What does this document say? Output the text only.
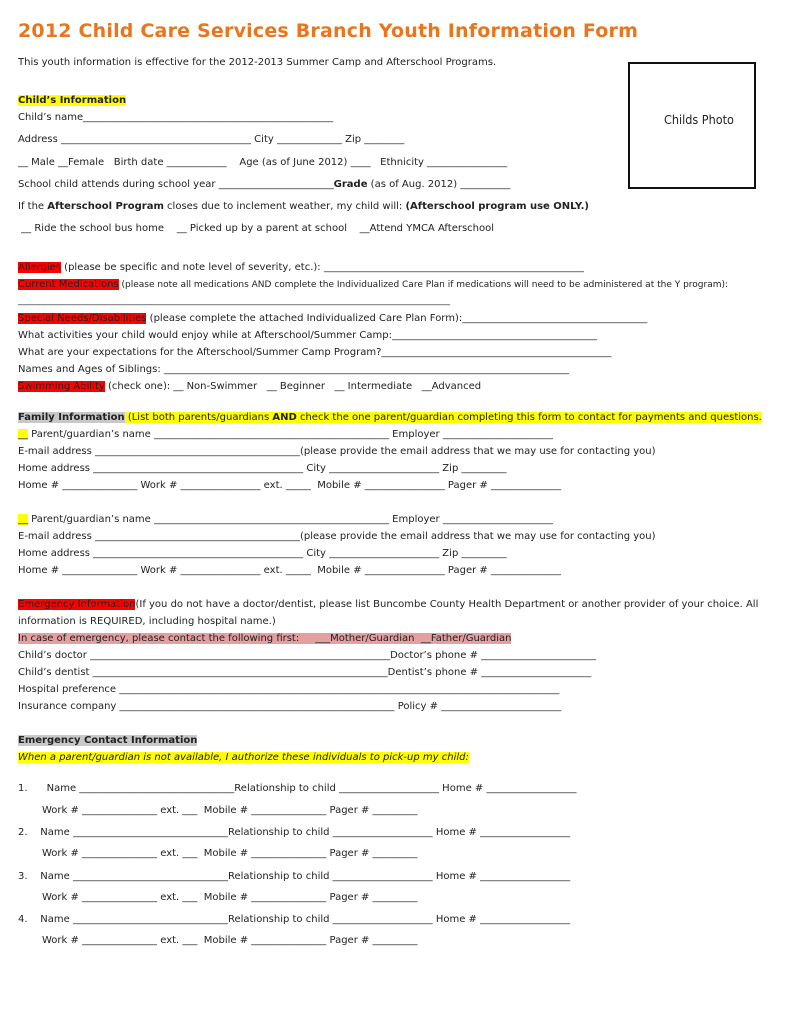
2012 Child Care Services Branch Youth Information Form
This youth information is effective for the 2012-2013 Summer Camp and Afterschool Programs.
Childs Photo
Child’s Information
Child’s name__________________________________________________
Address ______________________________________ City _____________ Zip ________
__ Male __Female   Birth date ____________    Age (as of June 2012) ____   Ethnicity ________________
School child attends during school year _______________________Grade (as of Aug. 2012) __________
If the Afterschool Program closes due to inclement weather, my child will: (Afterschool program use ONLY.)
__ Ride the school bus home    __ Picked up by a parent at school    __Attend YMCA Afterschool
Allergies (please be specific and note level of severity, etc.): ____________________________________________________
Current Medications (please note all medications AND complete the Individualized Care Plan if medications will need to be administered at the Y program):
________________________________________________________________________________________________
Special Needs/Disabilities (please complete the attached Individualized Care Plan Form):_____________________________________
What activities your child would enjoy while at Afterschool/Summer Camp:_________________________________________
What are your expectations for the Afterschool/Summer Camp Program?______________________________________________
Names and Ages of Siblings: _________________________________________________________________________________
Swimming Ability (check one): __ Non-Swimmer   __ Beginner   __ Intermediate   __Advanced
Family Information (List both parents/guardians AND check the one parent/guardian completing this form to contact for payments and questions.
__ Parent/guardian’s name _______________________________________________ Employer ______________________
E-mail address _________________________________________(please provide the email address that we may use for contacting you)
Home address __________________________________________ City ______________________ Zip _________
Home # _______________ Work # ________________ ext. _____  Mobile # ________________ Pager # ______________
__ Parent/guardian’s name _______________________________________________ Employer ______________________
E-mail address _________________________________________(please provide the email address that we may use for contacting you)
Home address __________________________________________ City ______________________ Zip _________
Home # _______________ Work # ________________ ext. _____  Mobile # ________________ Pager # ______________
Emergency Information(If you do not have a doctor/dentist, please list Buncombe County Health Department or another provider of your choice. All
information is REQUIRED, including hospital name.)
In case of emergency, please contact the following first:     ___Mother/Guardian  __Father/Guardian
Child’s doctor ____________________________________________________________Doctor’s phone # _______________________
Child’s dentist ___________________________________________________________Dentist’s phone # ______________________
Hospital preference ________________________________________________________________________________________
Insurance company _______________________________________________________ Policy # ________________________
Emergency Contact Information
When a parent/guardian is not available, I authorize these individuals to pick-up my child:
1.      Name _______________________________Relationship to child ____________________ Home # __________________
Work # _______________ ext. ___  Mobile # _______________ Pager # _________
2. Name _______________________________Relationship to child ____________________ Home # __________________
Work # _______________ ext. ___  Mobile # _______________ Pager # _________
3. Name _______________________________Relationship to child ____________________ Home # __________________
Work # _______________ ext. ___  Mobile # _______________ Pager # _________
4. Name _______________________________Relationship to child ____________________ Home # __________________
Work # _______________ ext. ___  Mobile # _______________ Pager # _________
